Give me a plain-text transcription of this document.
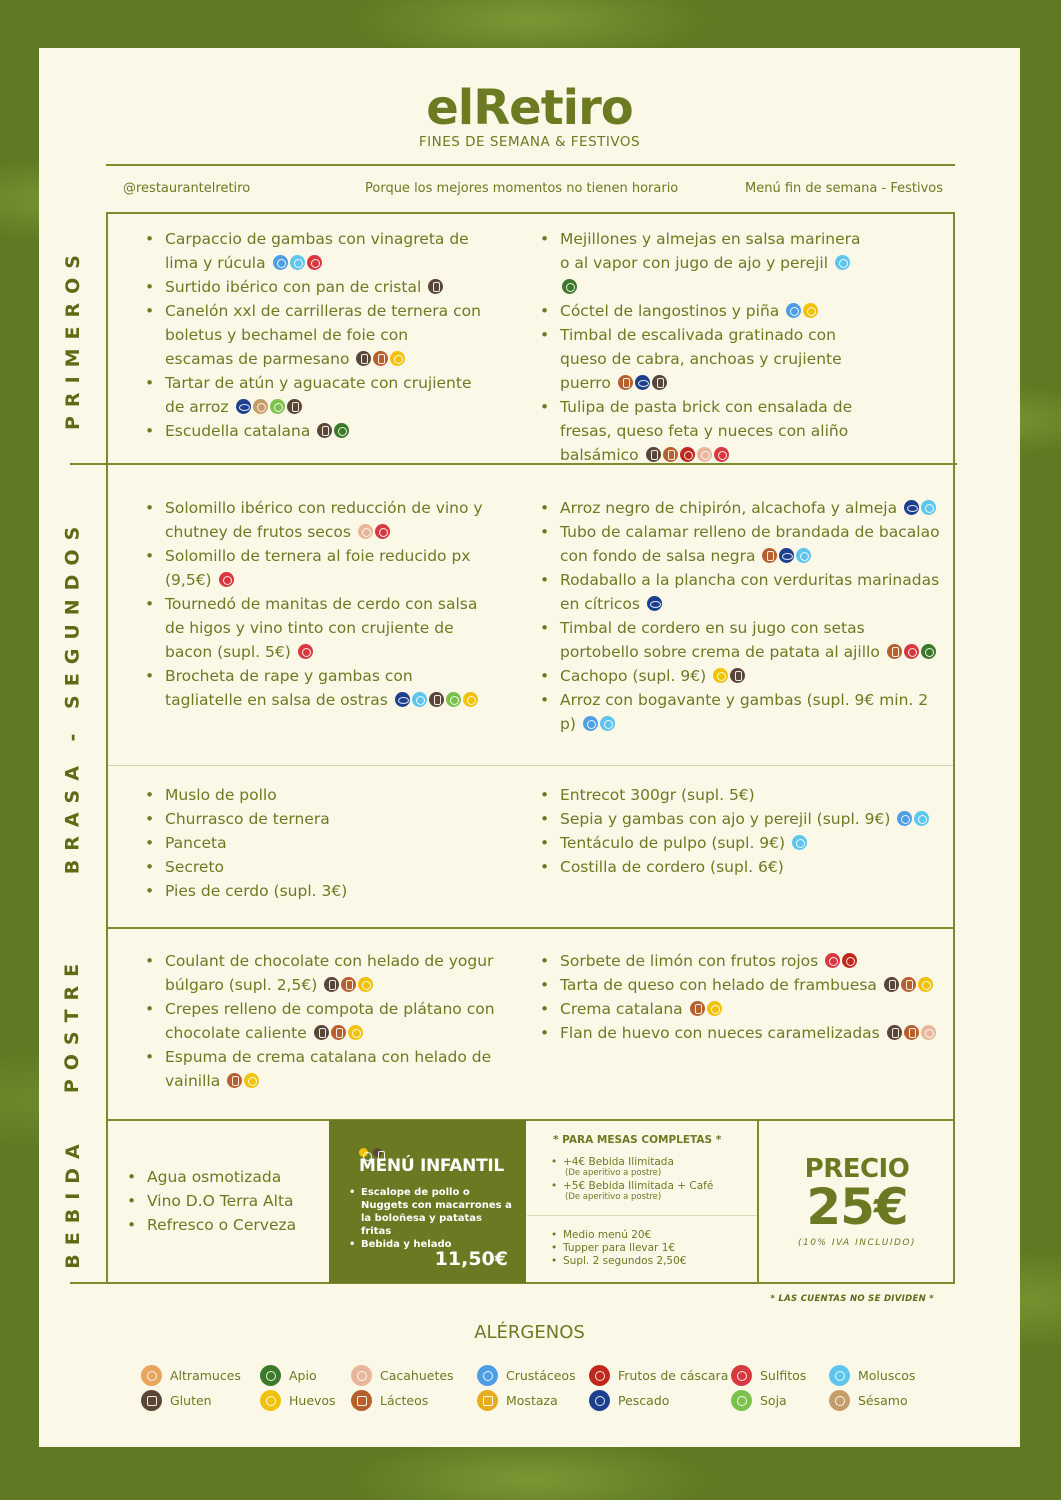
elRetiro
FINES DE SEMANA & FESTIVOS
@restaurantelretiro	Porque los mejores momentos no tienen horario	Menú fin de semana - Festivos
PRIMEROS
BRASA - SEGUNDOS
POSTRE
BEBIDA
• Carpaccio de gambas con vinagreta de lima y rúcula
• Surtido ibérico con pan de cristal
• Canelón xxl de carrilleras de ternera con boletus y bechamel de foie con escamas de parmesano
• Tartar de atún y aguacate con crujiente de arroz
• Escudella catalana
• Mejillones y almejas en salsa marinera o al vapor con jugo de ajo y perejil
• Cóctel de langostinos y piña
• Timbal de escalivada gratinado con queso de cabra, anchoas y crujiente puerro
• Tulipa de pasta brick con ensalada de fresas, queso feta y nueces con aliño balsámico
• Solomillo ibérico con reducción de vino y chutney de frutos secos
• Solomillo de ternera al foie reducido px (9,5€)
• Tournedó de manitas de cerdo con salsa de higos y vino tinto con crujiente de bacon (supl. 5€)
• Brocheta de rape y gambas con tagliatelle en salsa de ostras
• Arroz negro de chipirón, alcachofa y almeja
• Tubo de calamar relleno de brandada de bacalao con fondo de salsa negra
• Rodaballo a la plancha con verduritas marinadas en cítricos
• Timbal de cordero en su jugo con setas portobello sobre crema de patata al ajillo
• Cachopo (supl. 9€)
• Arroz con bogavante y gambas (supl. 9€ min. 2 p)
• Muslo de pollo
• Churrasco de ternera
• Panceta
• Secreto
• Pies de cerdo (supl. 3€)
• Entrecot 300gr (supl. 5€)
• Sepia y gambas con ajo y perejil (supl. 9€)
• Tentáculo de pulpo (supl. 9€)
• Costilla de cordero (supl. 6€)
• Coulant de chocolate con helado de yogur búlgaro (supl. 2,5€)
• Crepes relleno de compota de plátano con chocolate caliente
• Espuma de crema catalana con helado de vainilla
• Sorbete de limón con frutos rojos
• Tarta de queso con helado de frambuesa
• Crema catalana
• Flan de huevo con nueces caramelizadas
• Agua osmotizada
• Vino D.O Terra Alta
• Refresco o Cerveza

MENÚ INFANTIL
• Escalope de pollo o Nuggets con macarrones a la boloñesa y patatas fritas
• Bebida y helado
11,50€
* PARA MESAS COMPLETAS *
• +4€ Bebida Ilimitada
(De aperitivo a postre)
• +5€ Bebida Ilimitada + Café
(De aperitivo a postre)
• Medio menú 20€
• Tupper para llevar 1€
• Supl. 2 segundos 2,50€
PRECIO
25€
(10% IVA INCLUIDO)
* LAS CUENTAS NO SE DIVIDEN *
ALÉRGENOS
Altramuces	Apio	Cacahuetes	Crustáceos	Frutos de cáscara	Sulfitos	Moluscos
Gluten	Huevos	Lácteos	Mostaza	Pescado	Soja	Sésamo
